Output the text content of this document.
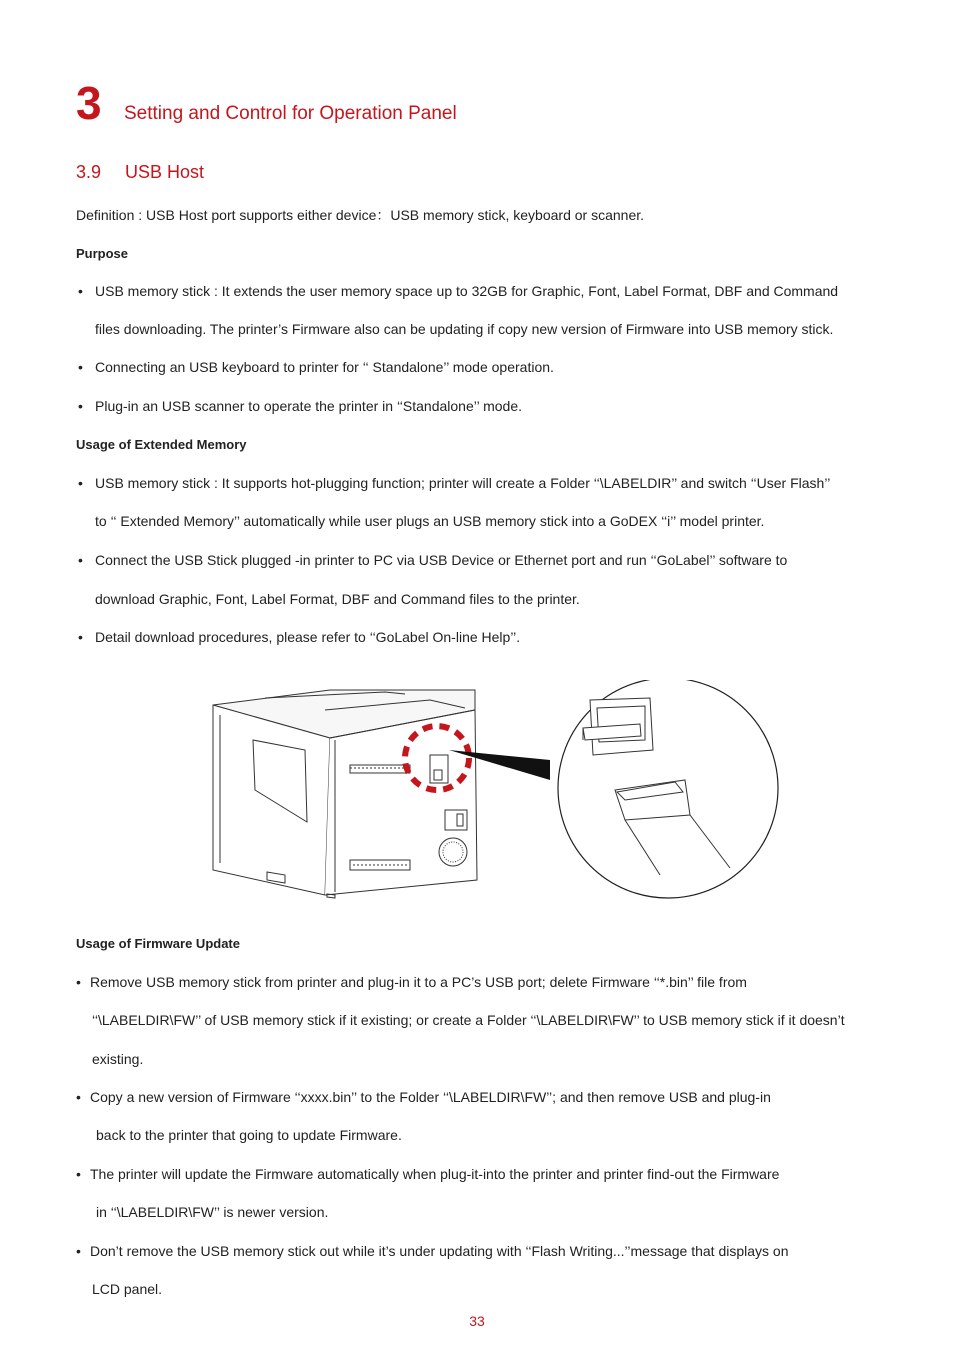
3 Setting and Control for Operation Panel
3.9 USB Host
Definition : USB Host port supports either device：USB memory stick, keyboard or scanner.
Purpose
• USB memory stick : It extends the user memory space up to 32GB for Graphic, Font, Label Format, DBF and Command
files downloading. The printer’s Firmware also can be updating if copy new version of Firmware into USB memory stick.
• Connecting an USB keyboard to printer for ‘‘ Standalone’’ mode operation.
• Plug-in an USB scanner to operate the printer in ‘‘Standalone’’ mode.
Usage of Extended Memory
• USB memory stick : It supports hot-plugging function; printer will create a Folder ‘‘\LABELDIR’’ and switch ‘‘User Flash’’
to ‘‘ Extended Memory’’ automatically while user plugs an USB memory stick into a GoDEX ‘‘i’’ model printer.
• Connect the USB Stick plugged -in printer to PC via USB Device or Ethernet port and run ‘‘GoLabel’’ software to
download Graphic, Font, Label Format, DBF and Command files to the printer.
• Detail download procedures, please refer to ‘‘GoLabel On-line Help’’.
Usage of Firmware Update
• Remove USB memory stick from printer and plug-in it to a PC’s USB port; delete Firmware ‘‘*.bin’’ file from
‘‘\LABELDIR\FW’’ of USB memory stick if it existing; or create a Folder ‘‘\LABELDIR\FW’’ to USB memory stick if it doesn’t
existing.
• Copy a new version of Firmware ‘‘xxxx.bin’’ to the Folder ‘‘\LABELDIR\FW’’; and then remove USB and plug-in
back to the printer that going to update Firmware.
• The printer will update the Firmware automatically when plug-it-into the printer and printer find-out the Firmware
in ‘‘\LABELDIR\FW’’ is newer version.
• Don’t remove the USB memory stick out while it’s under updating with ‘‘Flash Writing...’’message that displays on
LCD panel.
33
